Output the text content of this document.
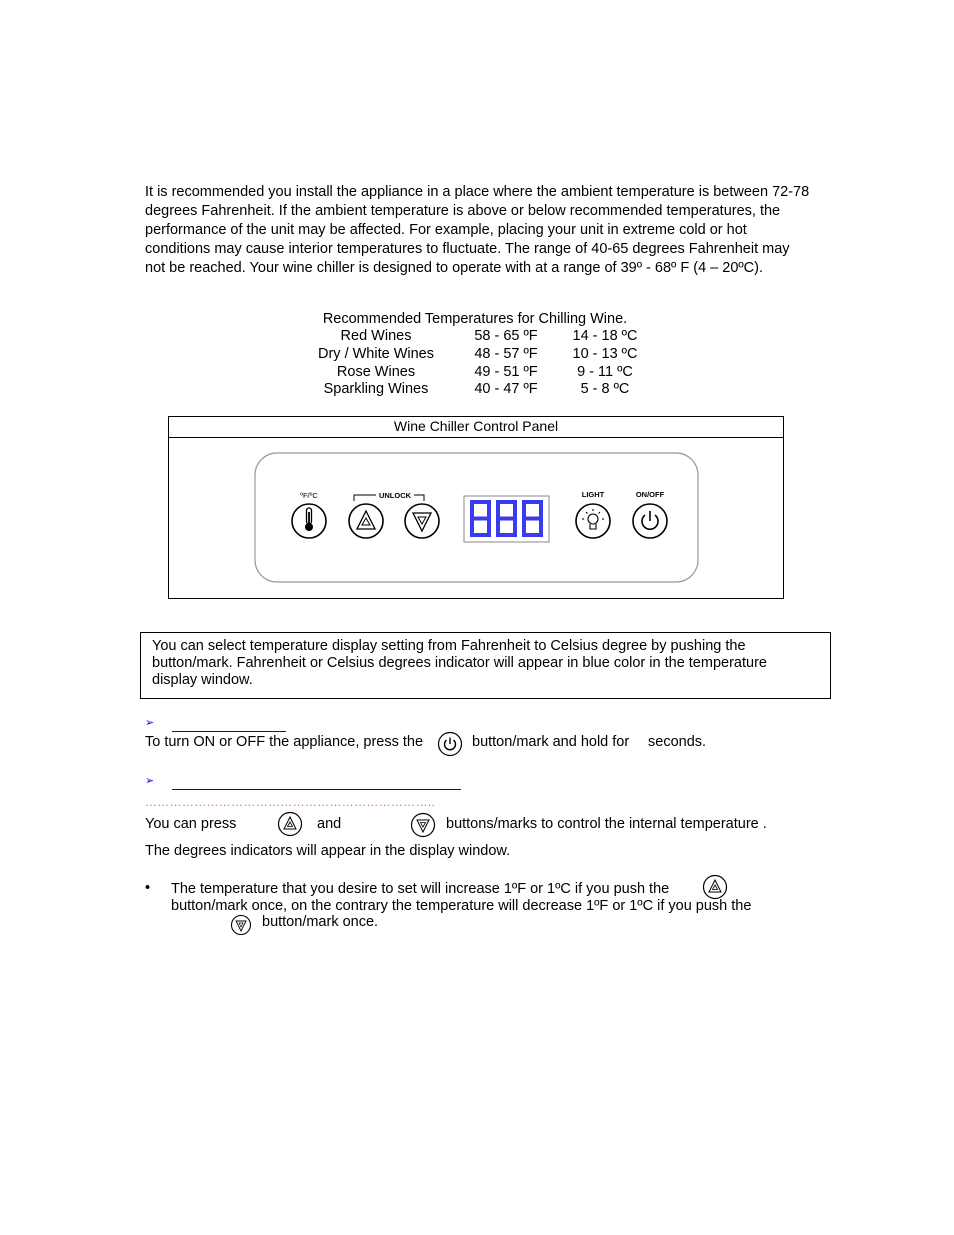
It is recommended you install the appliance in a place where the ambient temperature is between 72-78 degrees Fahrenheit. If the ambient temperature is above or below recommended temperatures, the performance of the unit may be affected. For example, placing your unit in extreme cold or hot conditions may cause interior temperatures to fluctuate. The range of 40-65 degrees Fahrenheit may not be reached. Your wine chiller is designed to operate with at a range of 39º - 68º F (4 – 20ºC).

Recommended Temperatures for Chilling Wine.
Red Wines	58 - 65 ºF	14 - 18 ºC
Dry / White Wines	48 - 57 ºF	10 - 13 ºC
Rose Wines	49 - 51 ºF	9 - 11 ºC
Sparkling Wines	40 - 47 ºF	5 - 8 ºC
Wine Chiller Control Panel
ºF/ºC	UNLOCK	LIGHT	ON/OFF

You can select temperature display setting from Fahrenheit to Celsius degree by pushing the button/mark. Fahrenheit or Celsius degrees indicator will appear in blue color in the temperature display window.

➢
To turn ON or OFF the appliance, press the	button/mark and hold for seconds.
➢
……………………………………………………………..
You can press	and	buttons/marks to control the internal temperature .
The degrees indicators will appear in the display window.
• The temperature that you desire to set will increase 1ºF or 1ºC if you push the
button/mark once, on the contrary the temperature will decrease 1ºF or 1ºC if you push the
button/mark once.
